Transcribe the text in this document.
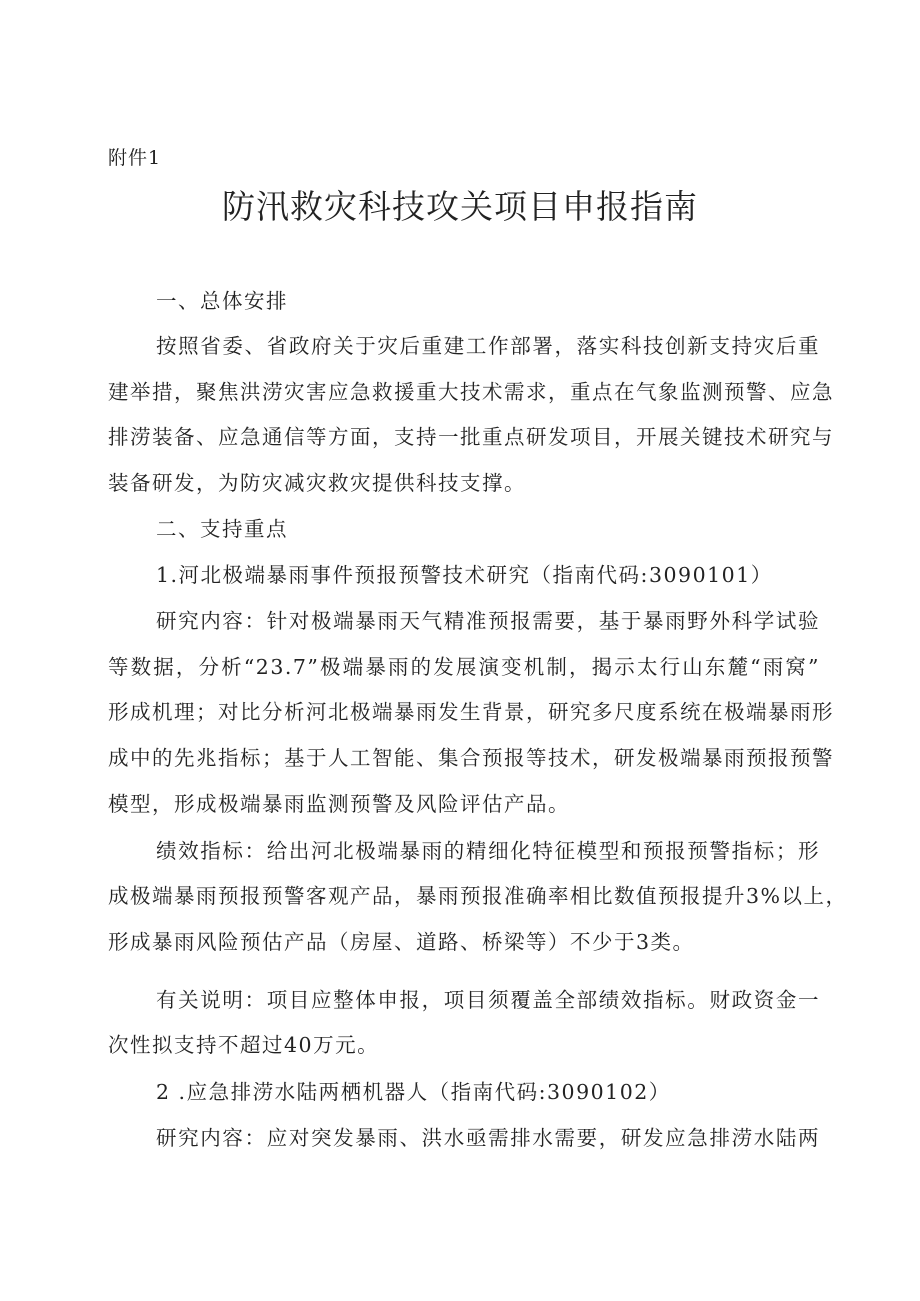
附件1
防汛救灾科技攻关项目申报指南
一、总体安排
按照省委、省政府关于灾后重建工作部署，落实科技创新支持灾后重
建举措，聚焦洪涝灾害应急救援重大技术需求，重点在气象监测预警、应急
排涝装备、应急通信等方面，支持一批重点研发项目，开展关键技术研究与
装备研发，为防灾减灾救灾提供科技支撑。
二、支持重点
1.河北极端暴雨事件预报预警技术研究（指南代码:3090101）
研究内容：针对极端暴雨天气精准预报需要，基于暴雨野外科学试验
等数据，分析“23.7”极端暴雨的发展演变机制，揭示太行山东麓“雨窝”
形成机理；对比分析河北极端暴雨发生背景，研究多尺度系统在极端暴雨形
成中的先兆指标；基于人工智能、集合预报等技术，研发极端暴雨预报预警
模型，形成极端暴雨监测预警及风险评估产品。
绩效指标：给出河北极端暴雨的精细化特征模型和预报预警指标；形
成极端暴雨预报预警客观产品，暴雨预报准确率相比数值预报提升3%以上，
形成暴雨风险预估产品（房屋、道路、桥梁等）不少于3类。
有关说明：项目应整体申报，项目须覆盖全部绩效指标。财政资金一
次性拟支持不超过40万元。
2 .应急排涝水陆两栖机器人（指南代码:3090102）
研究内容：应对突发暴雨、洪水亟需排水需要，研发应急排涝水陆两
